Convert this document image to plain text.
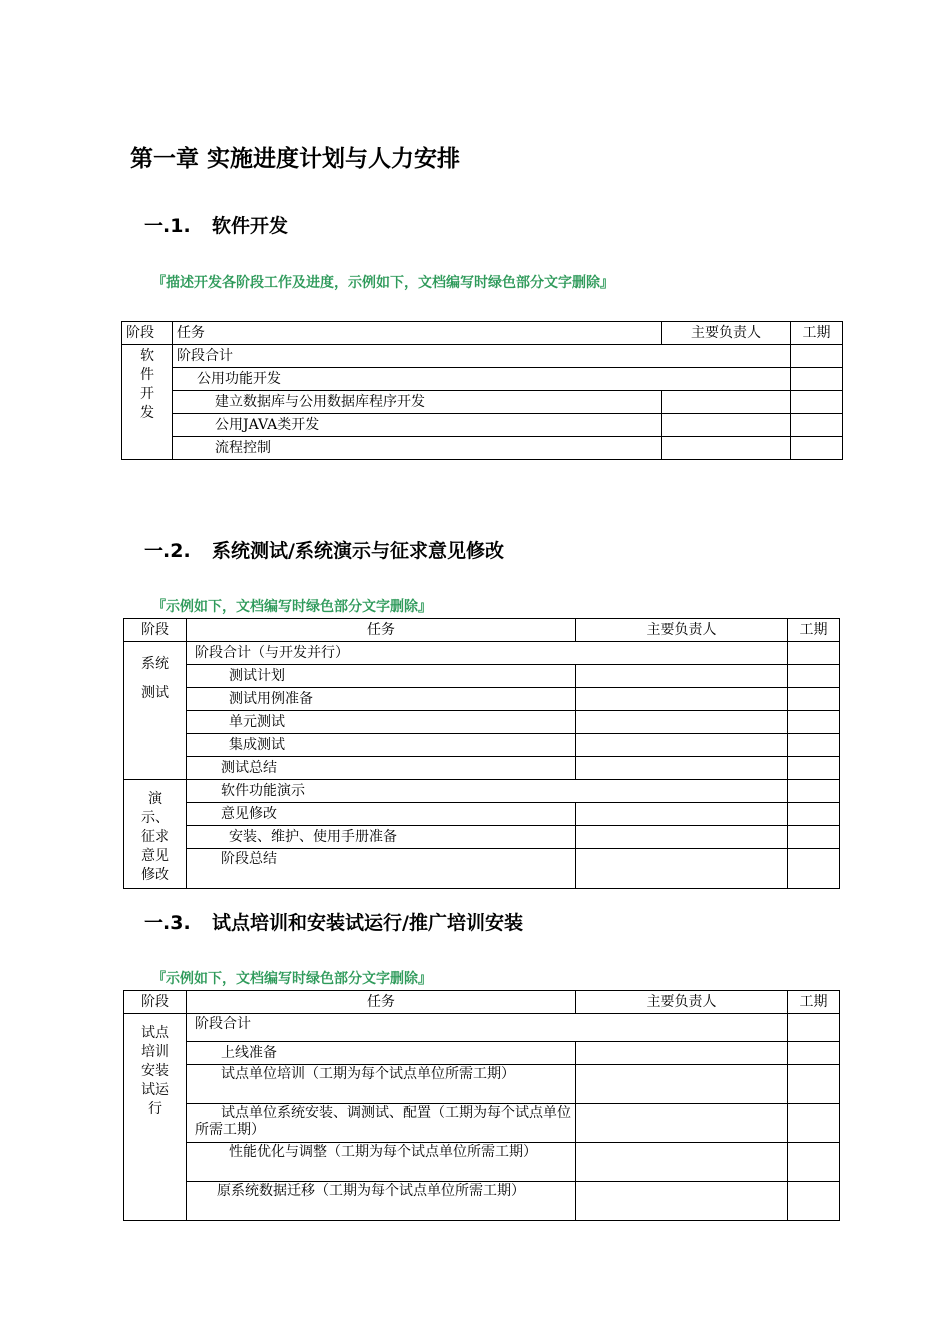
第一章 实施进度计划与人力安排
一.1. 软件开发
『描述开发各阶段工作及进度，示例如下，文档编写时绿色部分文字删除』
阶段	任务	主要负责人	工期
软件开发	阶段合计		
	公用功能开发		
	建立数据库与公用数据库程序开发		
	公用JAVA类开发		
	流程控制		
一.2. 系统测试/系统演示与征求意见修改
『示例如下，文档编写时绿色部分文字删除』
阶段	任务	主要负责人	工期
系统测试	阶段合计（与开发并行）		
	测试计划		
	测试用例准备		
	单元测试		
	集成测试		
	测试总结		
演示、征求意见修改	软件功能演示		
	意见修改		
	安装、维护、使用手册准备		
	阶段总结		
一.3. 试点培训和安装试运行/推广培训安装
『示例如下，文档编写时绿色部分文字删除』
阶段	任务	主要负责人	工期
试点培训安装试运行	阶段合计		
	上线准备		
	试点单位培训（工期为每个试点单位所需工期）		
	试点单位系统安装、调测试、配置（工期为每个试点单位所需工期）		
	性能优化与调整（工期为每个试点单位所需工期）		
	原系统数据迁移（工期为每个试点单位所需工期）		
